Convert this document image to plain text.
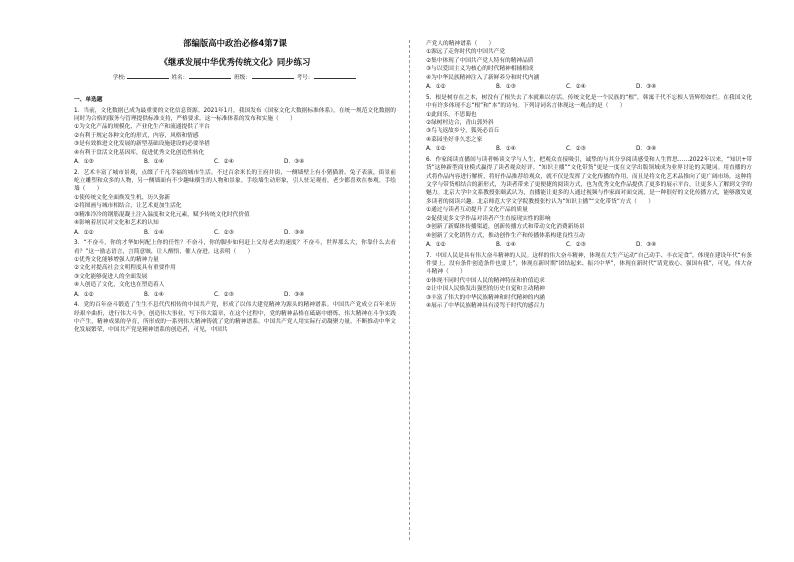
部编版高中政治必修4第7课
《继承发展中华优秀传统文化》同步练习
学校:	姓名：	班级：	考号：
一、单选题
1．当前，文化数据已成为最重要的文化信息资源。2021年1月，我国发布《国家文化大数据标准体系》，在统一规范文化数据的同时为合格的服务与管理提供标准支持，严格要求。这一标准体系的发布和实施（　　）
①为文化产品的规模化、产业化生产和流通提供了平台
②有利于规定各种文化的形式，内容，风格和情感
③是有效推进文化发展的新型基础设施建设的必要举措
④有利于盘活文化基因库，促进优秀文化创造性转化
A．①③	B．①④	C．②④	D．③④
2．艺术丰富了城市景观，点缀了千凡幸福的城市生活。不过百余米长的王府井街，一侧墙壁上有小猪猫滑、兔子表演，街景前屹立雕塑和众多的人物，另一侧墙面有不少趣味横生的人物和景象。手绘墙生动形象，引人驻足观看，老少都喜欢在参观。手绘墙（　　）
①使传统文化全面焕发生机、历久弥新
②将图画与城市相结合，让艺术更加生活化
③精准冷冷的钢筋混凝土注入温度和文化元素，赋予传统文化时代价值
④影响着居民对文化和艺术的认知
A．①②	B．①④	C．②③	D．③④
3．“不奋斗，你的才华如何配上你的任性？不奋斗，你的脚步如何赶上父母老去的速度？不奋斗，世界那么大，你靠什么去看看？”这一励志语言，言简意赅，让人醒悟，催人奋进。这表明（　　）
①优秀文化能够增强人的精神力量
②文化对提高社会文明程度具有重要作用
③文化能够促进人的全面发展
④人创造了文化，文化也在塑造着人
A．①②	B．①④	C．②③	D．③④
4．党的百年奋斗锻造了生生不息代代相传的中国共产党，形成了以伟大建党精神为源头的精神谱系。中国共产党成立百年来历经艰辛曲折，进行伟大斗争，创造伟大事业，写下伟大篇章，在这个过程中，党的精神品格在砥砺中磨炼、伟大精神在斗争实践中产生，精神成果的孕育，所形成的一系列伟大精神铸就了党的精神谱系。中国共产党人用实际行动凝聚力量、不断推动中华文化发展繁荣，中国共产党是精神谱系的创造者，可见，中国共
产党人的精神谱系（　　）
①源远了走你时代的中国共产党
②集中体现了中国共产党人特有的精神品质
③与以爱国主义为核心的时代精神相辅相成
④为中华民族精神注入了新鲜养分和时代内涵
A．①②	B．①③	C．②④	D．③④
5．根是树存在之本，树没有了根失去了本就难以存活。传统文化是一个民族的“根”，韩寓千代不忘根人皆辉煌如烂。在我国文化中有许多体现不忘“根”和“本”的诗句。下列诗词名言体现这一观点的是（　　）
①此间乐，不思蜀也
②绿树村边合，青山郭外斜
③鸟飞返故乡兮，狐死必首丘
④菜园坐好非久恋之家
A．①②	B．①④	C．②③	D．③④
6．作家阅读直播间与读者畅谈文学与人生，把观众直接吸引，诚挚的与其分享阅读感受和人生哲思……2022年以来，“知识+带货”这种新型商业模式赢得了读者观众好评。“知识主播”“文化带货”更是一度在文学出版领域成为业界讨论的关键词。用直播的方式将作品内容进行解析，将好作品推荐给观众，就不仅是发挥了文化传播的作用，而且是将文化艺术品推向了更广阔市场。这种将文学与带货相结合的新形式，为读者带来了更便捷的阅读方式，也为优秀文化作品提供了更多的展示平台，让更多人了解到文学的魅力。北京大学中文系教授张颐武认为，直播能让更多的人通过视频与作家面对面交流，是一种很好的文化传播方式，能够激发更多读者的阅读兴趣。北京师范大学文学院教授张柠认为“知识主播”“文化带货”方式（　　）
①通过与读者互动提升了文化产品的质量
②促使更多文学作品对读者产生直接现实性的影响
③创新了新媒体传播渠道，创新传播方式和带动文化消费新场景
④创新了文化销售方式，推动创作生产和传播体系构建良性互动
A．①②	B．①④	C．②③	D．③④
7．中国人民是具有伟大奋斗精神的人民。这样的伟大奋斗精神，体现在大生产运动“自己动手、丰衣足食”，体现在建设年代“有条件要上，没有条件创造条件也要上”，体现在新时期“团结起来、振兴中华”，体现在新时代“请党放心、强国有我”，可见，伟大奋斗精神（　　）
①体现不同时代中国人民的精神特征和价值追求
②让中国人民焕发出强烈的历史自觉和主动精神
③丰富了伟大的中华民族精神和时代精神的内涵
④展示了中华民族精神具有凌驾于时代的感召力
